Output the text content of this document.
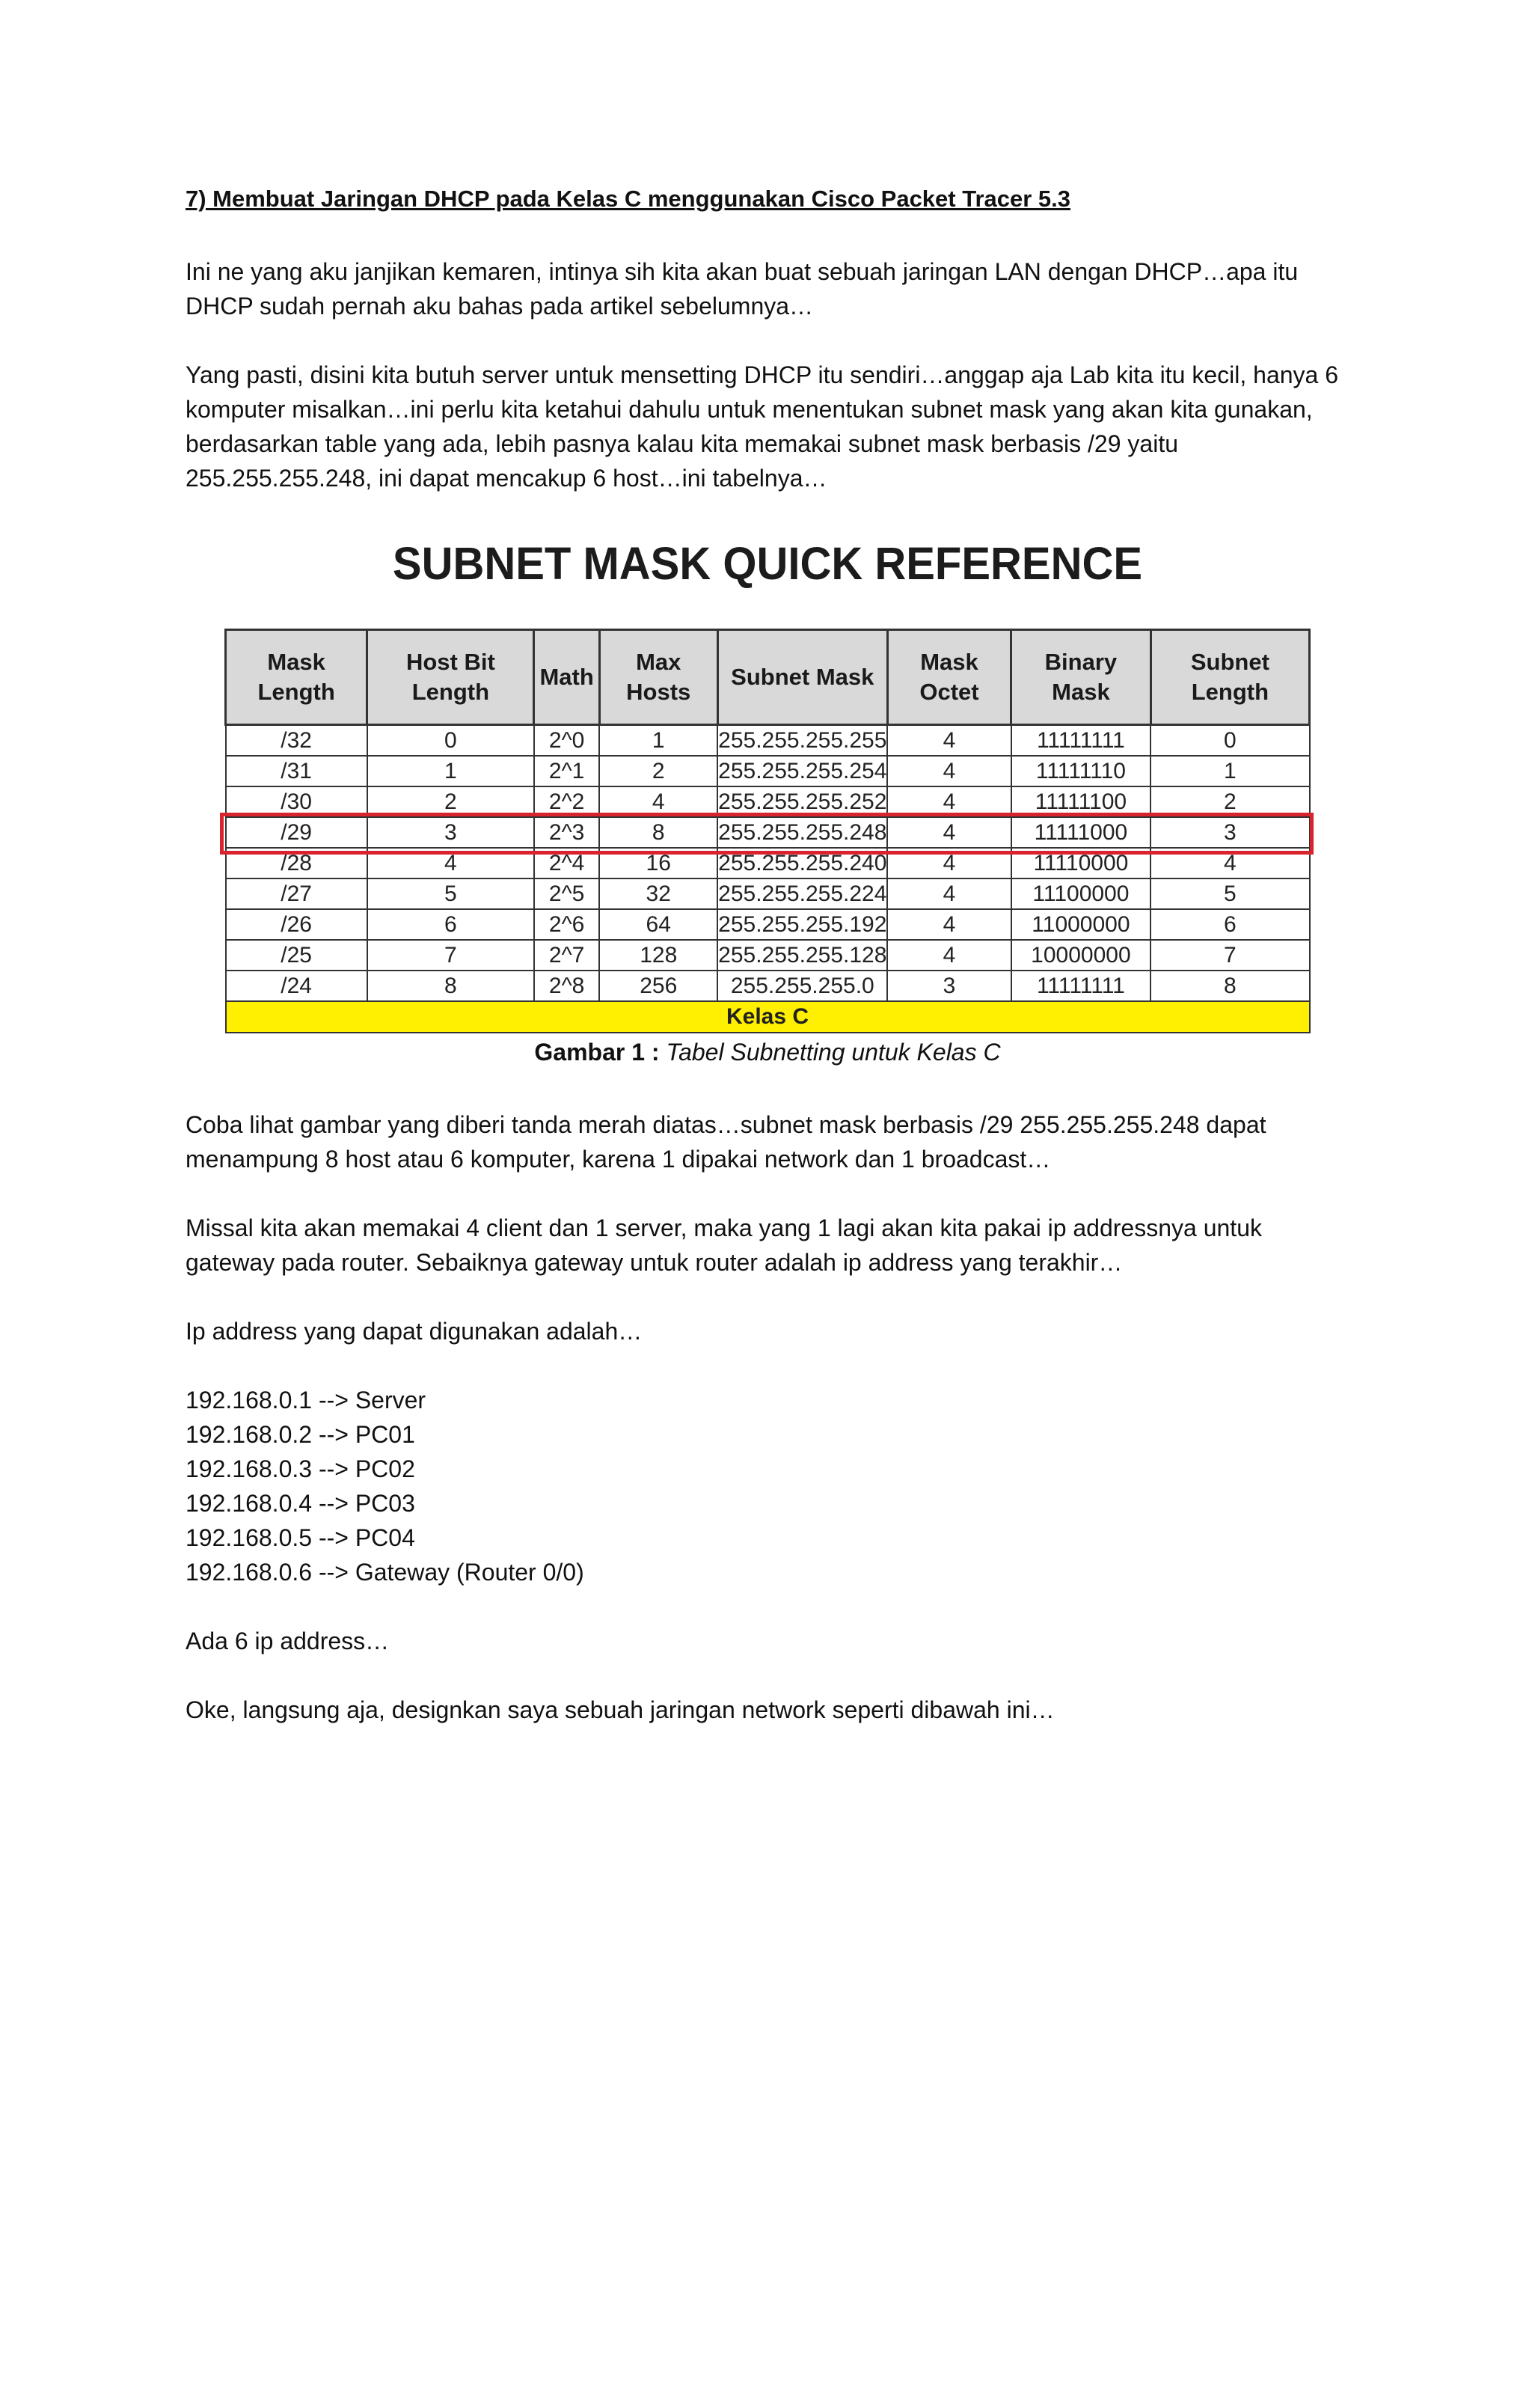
7) Membuat Jaringan DHCP pada Kelas C menggunakan Cisco Packet Tracer 5.3

Ini ne yang aku janjikan kemaren, intinya sih kita akan buat sebuah jaringan LAN dengan DHCP…apa itu DHCP sudah pernah aku bahas pada artikel sebelumnya…

Yang pasti, disini kita butuh server untuk mensetting DHCP itu sendiri…anggap aja Lab kita itu kecil, hanya 6 komputer misalkan…ini perlu kita ketahui dahulu untuk menentukan subnet mask yang akan kita gunakan, berdasarkan table yang ada, lebih pasnya kalau kita memakai subnet mask berbasis /29 yaitu 255.255.255.248, ini dapat mencakup 6 host…ini tabelnya…

SUBNET MASK QUICK REFERENCE
Mask Length	Host Bit Length	Math	Max Hosts	Subnet Mask	Mask Octet	Binary Mask	Subnet Length
/32	0	2^0	1	255.255.255.255	4	11111111	0
/31	1	2^1	2	255.255.255.254	4	11111110	1
/30	2	2^2	4	255.255.255.252	4	11111100	2
/29	3	2^3	8	255.255.255.248	4	11111000	3
/28	4	2^4	16	255.255.255.240	4	11110000	4
/27	5	2^5	32	255.255.255.224	4	11100000	5
/26	6	2^6	64	255.255.255.192	4	11000000	6
/25	7	2^7	128	255.255.255.128	4	10000000	7
/24	8	2^8	256	255.255.255.0	3	11111111	8
Kelas C							
Gambar 1 : Tabel Subnetting untuk Kelas C

Coba lihat gambar yang diberi tanda merah diatas…subnet mask berbasis /29 255.255.255.248 dapat menampung 8 host atau 6 komputer, karena 1 dipakai network dan 1 broadcast…

Missal kita akan memakai 4 client dan 1 server, maka yang 1 lagi akan kita pakai ip addressnya untuk gateway pada router. Sebaiknya gateway untuk router adalah ip address yang terakhir…

Ip address yang dapat digunakan adalah…

192.168.0.1 --> Server
192.168.0.2 --> PC01
192.168.0.3 --> PC02
192.168.0.4 --> PC03
192.168.0.5 --> PC04
192.168.0.6 --> Gateway (Router 0/0)

Ada 6 ip address…

Oke, langsung aja, designkan saya sebuah jaringan network seperti dibawah ini…
